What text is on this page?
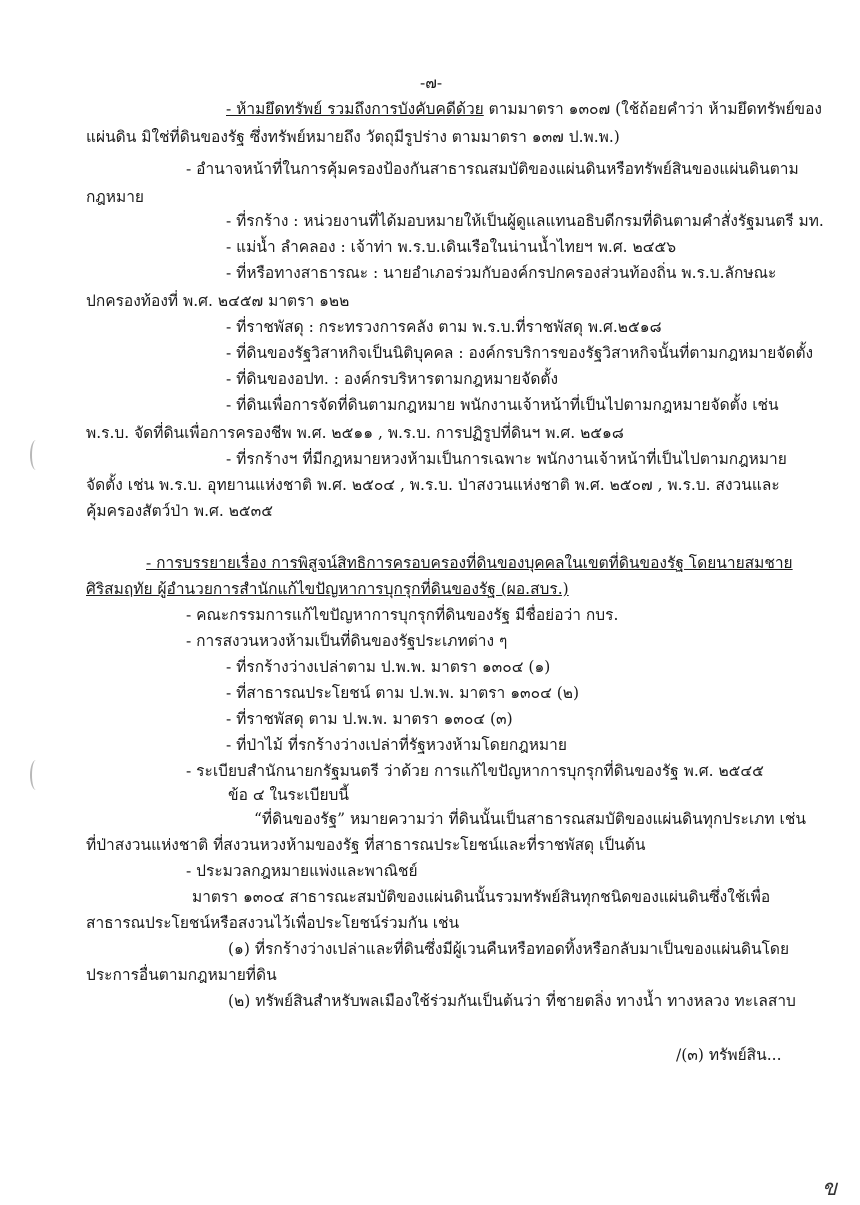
-๗-
- ห้ามยึดทรัพย์ รวมถึงการบังคับคดีด้วย ตามมาตรา ๑๓๐๗ (ใช้ถ้อยคำว่า ห้ามยึดทรัพย์ของ
แผ่นดิน มิใช่ที่ดินของรัฐ ซึ่งทรัพย์หมายถึง วัตถุมีรูปร่าง ตามมาตรา ๑๓๗ ป.พ.พ.)
- อำนาจหน้าที่ในการคุ้มครองป้องกันสาธารณสมบัติของแผ่นดินหรือทรัพย์สินของแผ่นดินตาม
กฎหมาย
- ที่รกร้าง : หน่วยงานที่ได้มอบหมายให้เป็นผู้ดูแลแทนอธิบดีกรมที่ดินตามคำสั่งรัฐมนตรี มท.
- แม่น้ำ ลำคลอง : เจ้าท่า พ.ร.บ.เดินเรือในน่านน้ำไทยฯ พ.ศ. ๒๔๕๖
- ที่หรือทางสาธารณะ : นายอำเภอร่วมกับองค์กรปกครองส่วนท้องถิ่น พ.ร.บ.ลักษณะ
ปกครองท้องที่ พ.ศ. ๒๔๕๗ มาตรา ๑๒๒
- ที่ราชพัสดุ : กระทรวงการคลัง ตาม พ.ร.บ.ที่ราชพัสดุ พ.ศ.๒๕๑๘
- ที่ดินของรัฐวิสาหกิจเป็นนิติบุคคล : องค์กรบริการของรัฐวิสาหกิจนั้นที่ตามกฎหมายจัดตั้ง
- ที่ดินของอปท. : องค์กรบริหารตามกฎหมายจัดตั้ง
- ที่ดินเพื่อการจัดที่ดินตามกฎหมาย พนักงานเจ้าหน้าที่เป็นไปตามกฎหมายจัดตั้ง เช่น
พ.ร.บ. จัดที่ดินเพื่อการครองชีพ พ.ศ. ๒๕๑๑ , พ.ร.บ. การปฏิรูปที่ดินฯ พ.ศ. ๒๕๑๘
- ที่รกร้างฯ ที่มีกฎหมายหวงห้ามเป็นการเฉพาะ พนักงานเจ้าหน้าที่เป็นไปตามกฎหมาย
จัดตั้ง เช่น พ.ร.บ. อุทยานแห่งชาติ พ.ศ. ๒๕๐๔ , พ.ร.บ. ป่าสงวนแห่งชาติ พ.ศ. ๒๕๐๗ , พ.ร.บ. สงวนและ
คุ้มครองสัตว์ป่า พ.ศ. ๒๕๓๕
- การบรรยายเรื่อง การพิสูจน์สิทธิการครอบครองที่ดินของบุคคลในเขตที่ดินของรัฐ โดยนายสมชาย
ศิริสมฤทัย ผู้อำนวยการสำนักแก้ไขปัญหาการบุกรุกที่ดินของรัฐ (ผอ.สบร.)
- คณะกรรมการแก้ไขปัญหาการบุกรุกที่ดินของรัฐ มีชื่อย่อว่า กบร.
- การสงวนหวงห้ามเป็นที่ดินของรัฐประเภทต่าง ๆ
- ที่รกร้างว่างเปล่าตาม ป.พ.พ. มาตรา ๑๓๐๔ (๑)
- ที่สาธารณประโยชน์ ตาม ป.พ.พ. มาตรา ๑๓๐๔ (๒)
- ที่ราชพัสดุ ตาม ป.พ.พ. มาตรา ๑๓๐๔ (๓)
- ที่ป่าไม้ ที่รกร้างว่างเปล่าที่รัฐหวงห้ามโดยกฎหมาย
- ระเบียบสำนักนายกรัฐมนตรี ว่าด้วย การแก้ไขปัญหาการบุกรุกที่ดินของรัฐ พ.ศ. ๒๕๔๕
ข้อ ๔ ในระเบียบนี้
“ที่ดินของรัฐ” หมายความว่า ที่ดินนั้นเป็นสาธารณสมบัติของแผ่นดินทุกประเภท เช่น
ที่ป่าสงวนแห่งชาติ ที่สงวนหวงห้ามของรัฐ ที่สาธารณประโยชน์และที่ราชพัสดุ เป็นต้น
- ประมวลกฎหมายแพ่งและพาณิชย์
มาตรา ๑๓๐๔ สาธารณะสมบัติของแผ่นดินนั้นรวมทรัพย์สินทุกชนิดของแผ่นดินซึ่งใช้เพื่อ
สาธารณประโยชน์หรือสงวนไว้เพื่อประโยชน์ร่วมกัน เช่น
(๑) ที่รกร้างว่างเปล่าและที่ดินซึ่งมีผู้เวนคืนหรือทอดทิ้งหรือกลับมาเป็นของแผ่นดินโดย
ประการอื่นตามกฎหมายที่ดิน
(๒) ทรัพย์สินสำหรับพลเมืองใช้ร่วมกันเป็นต้นว่า ที่ชายตลิ่ง ทางน้ำ ทางหลวง ทะเลสาบ
/(๓) ทรัพย์สิน...
ข
